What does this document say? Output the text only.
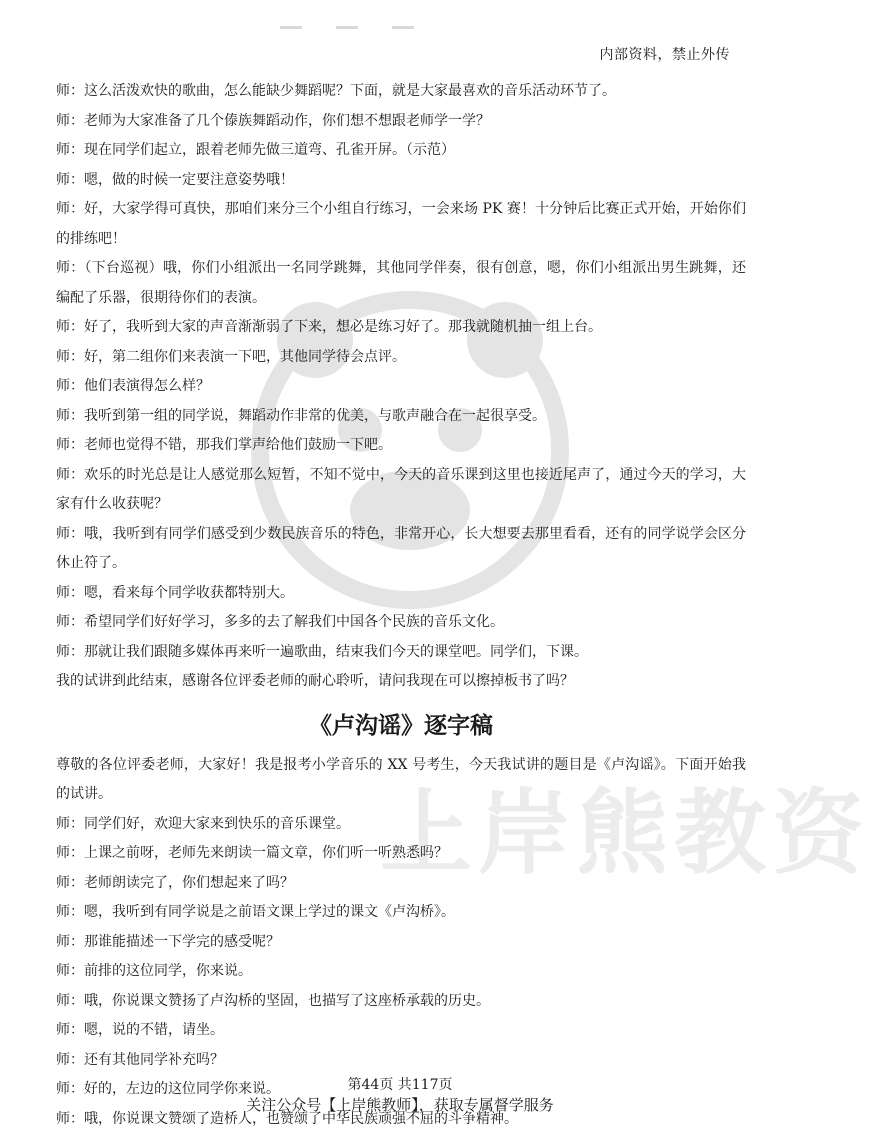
内部资料，禁止外传
上岸熊教资

师：这么活泼欢快的歌曲，怎么能缺少舞蹈呢？下面，就是大家最喜欢的音乐活动环节了。

师：老师为大家准备了几个傣族舞蹈动作，你们想不想跟老师学一学？

师：现在同学们起立，跟着老师先做三道弯、孔雀开屏。（示范）

师：嗯，做的时候一定要注意姿势哦！

师：好，大家学得可真快，那咱们来分三个小组自行练习，一会来场 PK 赛！十分钟后比赛正式开始，开始你们的排练吧！

师：（下台巡视）哦，你们小组派出一名同学跳舞，其他同学伴奏，很有创意，嗯，你们小组派出男生跳舞，还编配了乐器，很期待你们的表演。

师：好了，我听到大家的声音渐渐弱了下来，想必是练习好了。那我就随机抽一组上台。

师：好，第二组你们来表演一下吧，其他同学待会点评。

师：他们表演得怎么样？

师：我听到第一组的同学说，舞蹈动作非常的优美，与歌声融合在一起很享受。

师：老师也觉得不错，那我们掌声给他们鼓励一下吧。

师：欢乐的时光总是让人感觉那么短暂，不知不觉中，今天的音乐课到这里也接近尾声了，通过今天的学习，大家有什么收获呢？

师：哦，我听到有同学们感受到少数民族音乐的特色，非常开心，长大想要去那里看看，还有的同学说学会区分休止符了。

师：嗯，看来每个同学收获都特别大。

师：希望同学们好好学习，多多的去了解我们中国各个民族的音乐文化。

师：那就让我们跟随多媒体再来听一遍歌曲，结束我们今天的课堂吧。同学们，下课。

我的试讲到此结束，感谢各位评委老师的耐心聆听，请问我现在可以擦掉板书了吗？

《卢沟谣》逐字稿

尊敬的各位评委老师，大家好！我是报考小学音乐的 XX 号考生，今天我试讲的题目是《卢沟谣》。下面开始我的试讲。

师：同学们好，欢迎大家来到快乐的音乐课堂。

师：上课之前呀，老师先来朗读一篇文章，你们听一听熟悉吗？

师：老师朗读完了，你们想起来了吗？

师：嗯，我听到有同学说是之前语文课上学过的课文《卢沟桥》。

师：那谁能描述一下学完的感受呢？

师：前排的这位同学，你来说。

师：哦，你说课文赞扬了卢沟桥的坚固，也描写了这座桥承载的历史。

师：嗯，说的不错，请坐。

师：还有其他同学补充吗？

师：好的，左边的这位同学你来说。

师：哦，你说课文赞颂了造桥人，也赞颂了中华民族顽强不屈的斗争精神。

第44页 共117页
关注公众号【上岸熊教师】，获取专属督学服务
